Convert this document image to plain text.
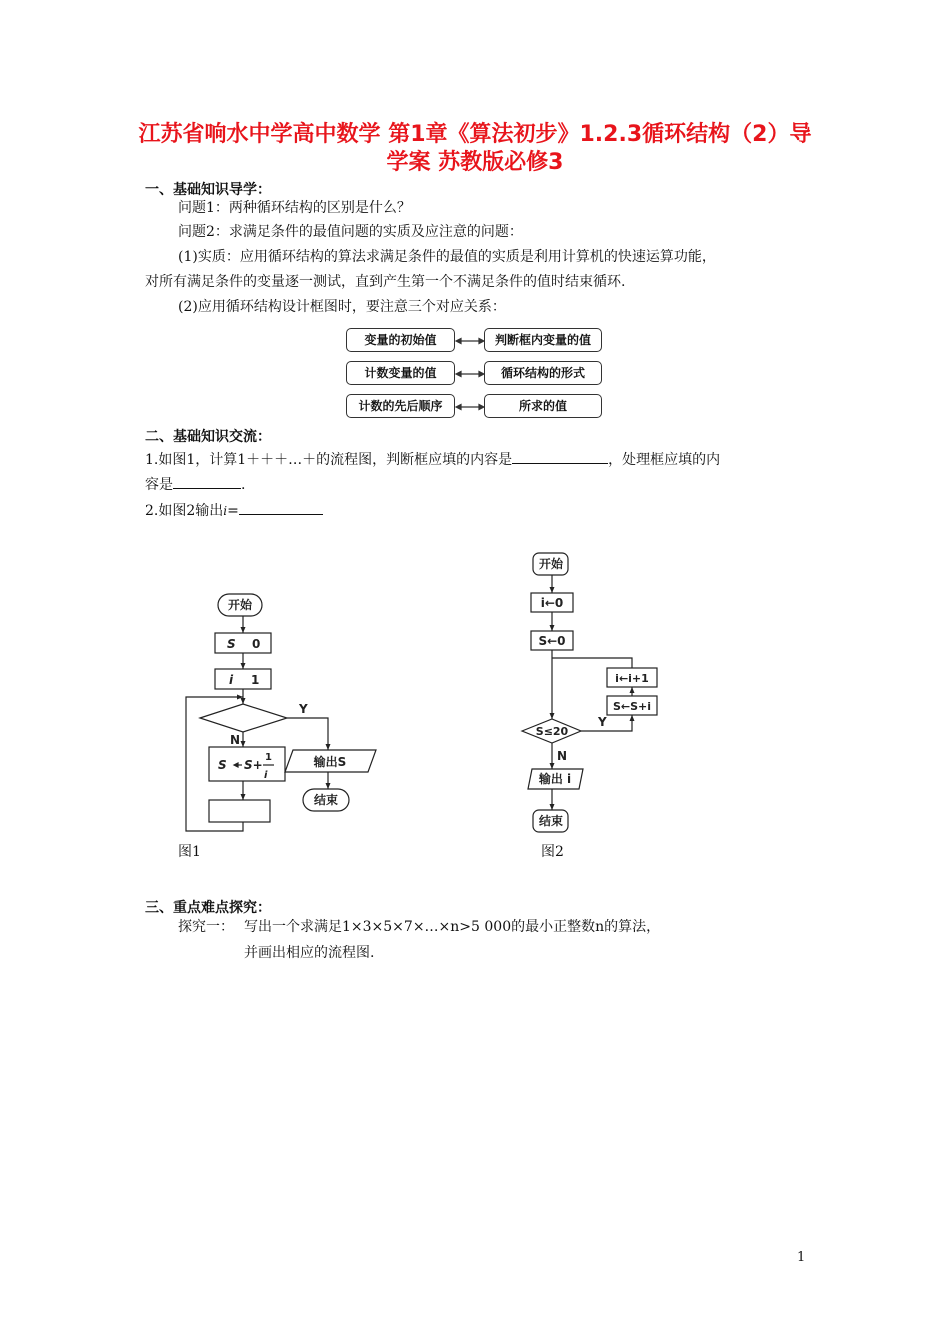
江苏省响水中学高中数学 第1章《算法初步》1.2.3循环结构（2）导
学案 苏教版必修3
一、基础知识导学：
问题1：两种循环结构的区别是什么？
问题2：求满足条件的最值问题的实质及应注意的问题：
(1)实质：应用循环结构的算法求满足条件的最值的实质是利用计算机的快速运算功能，
对所有满足条件的变量逐一测试，直到产生第一个不满足条件的值时结束循环.
(2)应用循环结构设计框图时，要注意三个对应关系：
变量的初始值	判断框内变量的值
计数变量的值	循环结构的形式
计数的先后顺序	所求的值
二、基础知识交流：
1.如图1，计算1＋＋＋…＋的流程图，判断框应填的内容是	，处理框应填的内
容是	.
2.如图2输出i=
开始
S 0
i 1
Y
N
S S+
1
i
输出S
结束
图1
开始
i←0
S←0
S≤20
Y
N
S←S+i
i←i+1
输出 i
结束
图2
三、重点难点探究：
探究一： 写出一个求满足1×3×5×7×…×n>5 000的最小正整数n的算法，
并画出相应的流程图.
1
